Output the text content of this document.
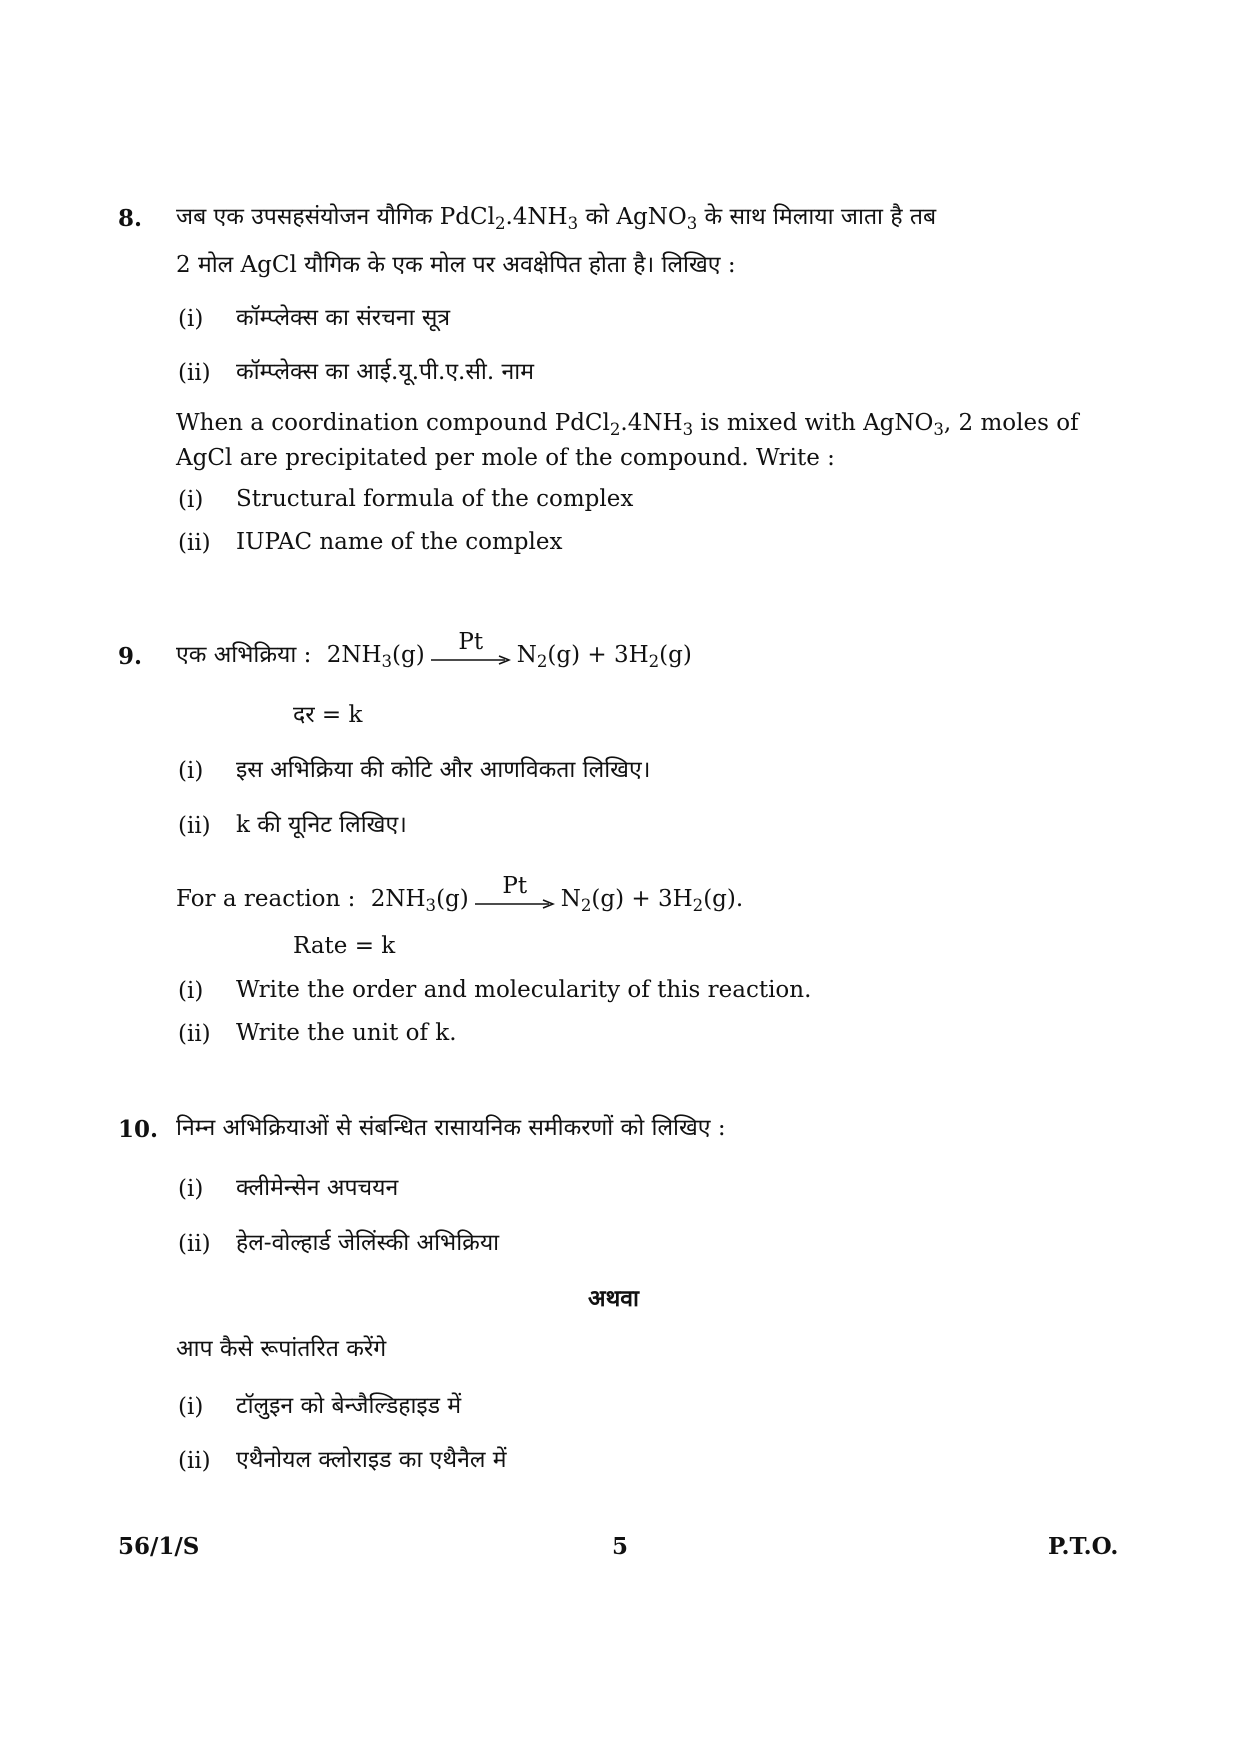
8. जब एक उपसहसंयोजन यौगिक $PdCl_2.4NH_3$ को AgNO$_3$ के साथ मिलाया जाता है तब
2 मोल AgCl यौगिक के एक मोल पर अवक्षेपित होता है। लिखिए :
(i) कॉम्प्लेक्स का संरचना सूत्र
(ii) कॉम्प्लेक्स का आई.यू.पी.ए.सी. नाम
When a coordination compound $PdCl_2.4NH_3$ is mixed with AgNO$_3$, 2 moles of
AgCl are precipitated per mole of the compound. Write :
(i) Structural formula of the complex
(ii) IUPAC name of the complex
9. एक अभिक्रिया : $2NH_3(g)$	Pt	$N_2(g) + 3H_2(g)$
दर = k
(i) इस अभिक्रिया की कोटि और आणविकता लिखिए।
(ii) k की यूनिट लिखिए।
For a reaction : $2NH_3(g)$	Pt	$N_2(g) + 3H_2(g)$.
Rate = k
(i) Write the order and molecularity of this reaction.
(ii) Write the unit of k.
10. निम्न अभिक्रियाओं से संबन्धित रासायनिक समीकरणों को लिखिए :
(i) क्लीमेन्सेन अपचयन
(ii) हेल-वोल्हार्ड जेलिंस्की अभिक्रिया
अथवा
आप कैसे रूपांतरित करेंगे
(i) टॉलुइन को बेन्जैल्डिहाइड में
(ii) एथैनोयल क्लोराइड का एथैनैल में
56/1/S	5	P.T.O.
